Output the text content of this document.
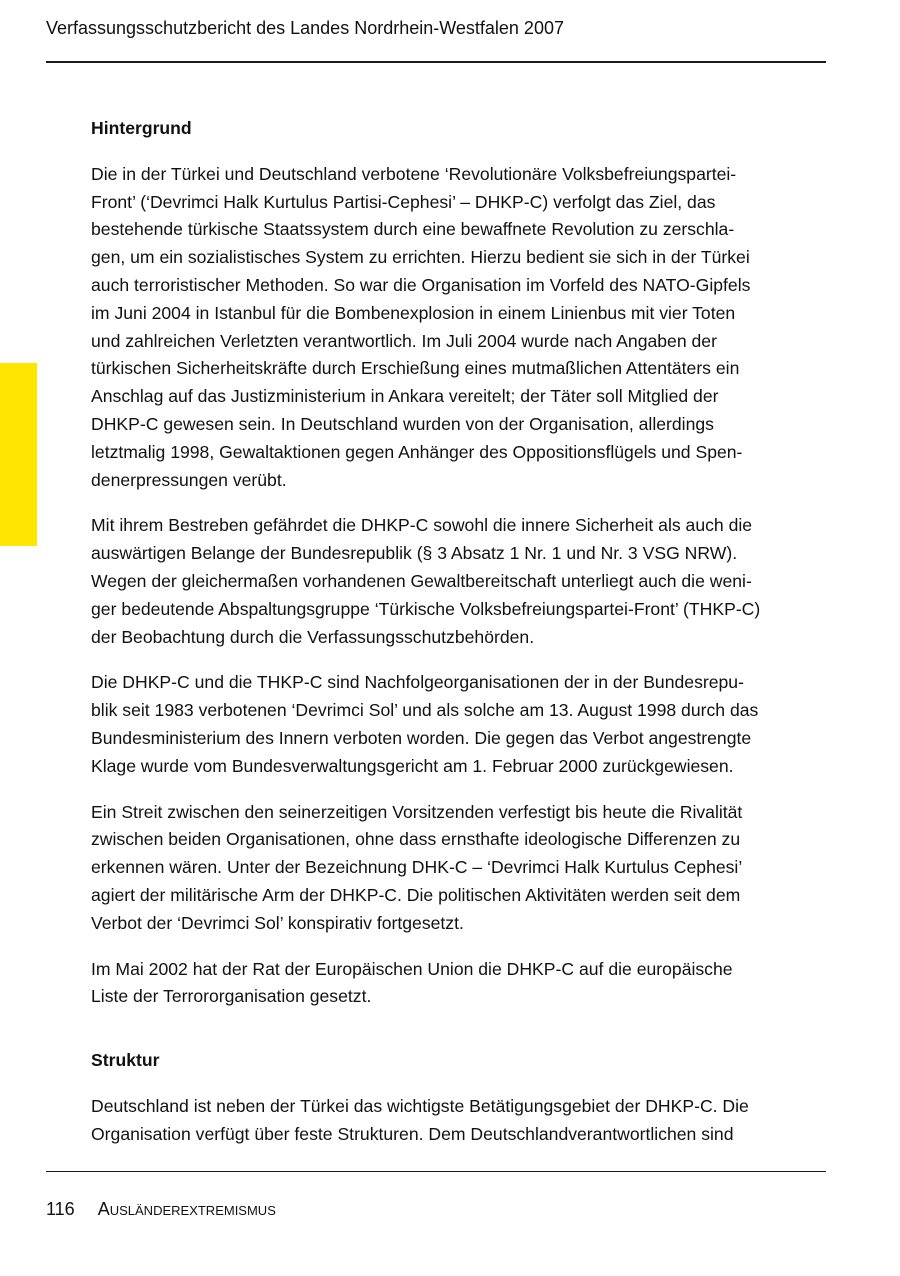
Verfassungsschutzbericht des Landes Nordrhein-Westfalen 2007
Hintergrund

Die in der Türkei und Deutschland verbotene ‘Revolutionäre Volksbefreiungspartei-
Front’ (‘Devrimci Halk Kurtulus Partisi-Cephesi’ – DHKP-C) verfolgt das Ziel, das
bestehende türkische Staatssystem durch eine bewaffnete Revolution zu zerschla-
gen, um ein sozialistisches System zu errichten. Hierzu bedient sie sich in der Türkei
auch terroristischer Methoden. So war die Organisation im Vorfeld des NATO-Gipfels
im Juni 2004 in Istanbul für die Bombenexplosion in einem Linienbus mit vier Toten
und zahlreichen Verletzten verantwortlich. Im Juli 2004 wurde nach Angaben der
türkischen Sicherheitskräfte durch Erschießung eines mutmaßlichen Attentäters ein
Anschlag auf das Justizministerium in Ankara vereitelt; der Täter soll Mitglied der
DHKP-C gewesen sein. In Deutschland wurden von der Organisation, allerdings
letztmalig 1998, Gewaltaktionen gegen Anhänger des Oppositionsflügels und Spen-
denerpressungen verübt.

Mit ihrem Bestreben gefährdet die DHKP-C sowohl die innere Sicherheit als auch die
auswärtigen Belange der Bundesrepublik (§ 3 Absatz 1 Nr. 1 und Nr. 3 VSG NRW).
Wegen der gleichermaßen vorhandenen Gewaltbereitschaft unterliegt auch die weni-
ger bedeutende Abspaltungsgruppe ‘Türkische Volksbefreiungspartei-Front’ (THKP-C)
der Beobachtung durch die Verfassungsschutzbehörden.

Die DHKP-C und die THKP-C sind Nachfolgeorganisationen der in der Bundesrepu-
blik seit 1983 verbotenen ‘Devrimci Sol’ und als solche am 13. August 1998 durch das
Bundesministerium des Innern verboten worden. Die gegen das Verbot angestrengte
Klage wurde vom Bundesverwaltungsgericht am 1. Februar 2000 zurückgewiesen.

Ein Streit zwischen den seinerzeitigen Vorsitzenden verfestigt bis heute die Rivalität
zwischen beiden Organisationen, ohne dass ernsthafte ideologische Differenzen zu
erkennen wären. Unter der Bezeichnung DHK-C – ‘Devrimci Halk Kurtulus Cephesi’
agiert der militärische Arm der DHKP-C. Die politischen Aktivitäten werden seit dem
Verbot der ‘Devrimci Sol’ konspirativ fortgesetzt.

Im Mai 2002 hat der Rat der Europäischen Union die DHKP-C auf die europäische
Liste der Terrororganisation gesetzt.

Struktur

Deutschland ist neben der Türkei das wichtigste Betätigungsgebiet der DHKP-C. Die
Organisation verfügt über feste Strukturen. Dem Deutschlandverantwortlichen sind

116 Ausländerextremismus
